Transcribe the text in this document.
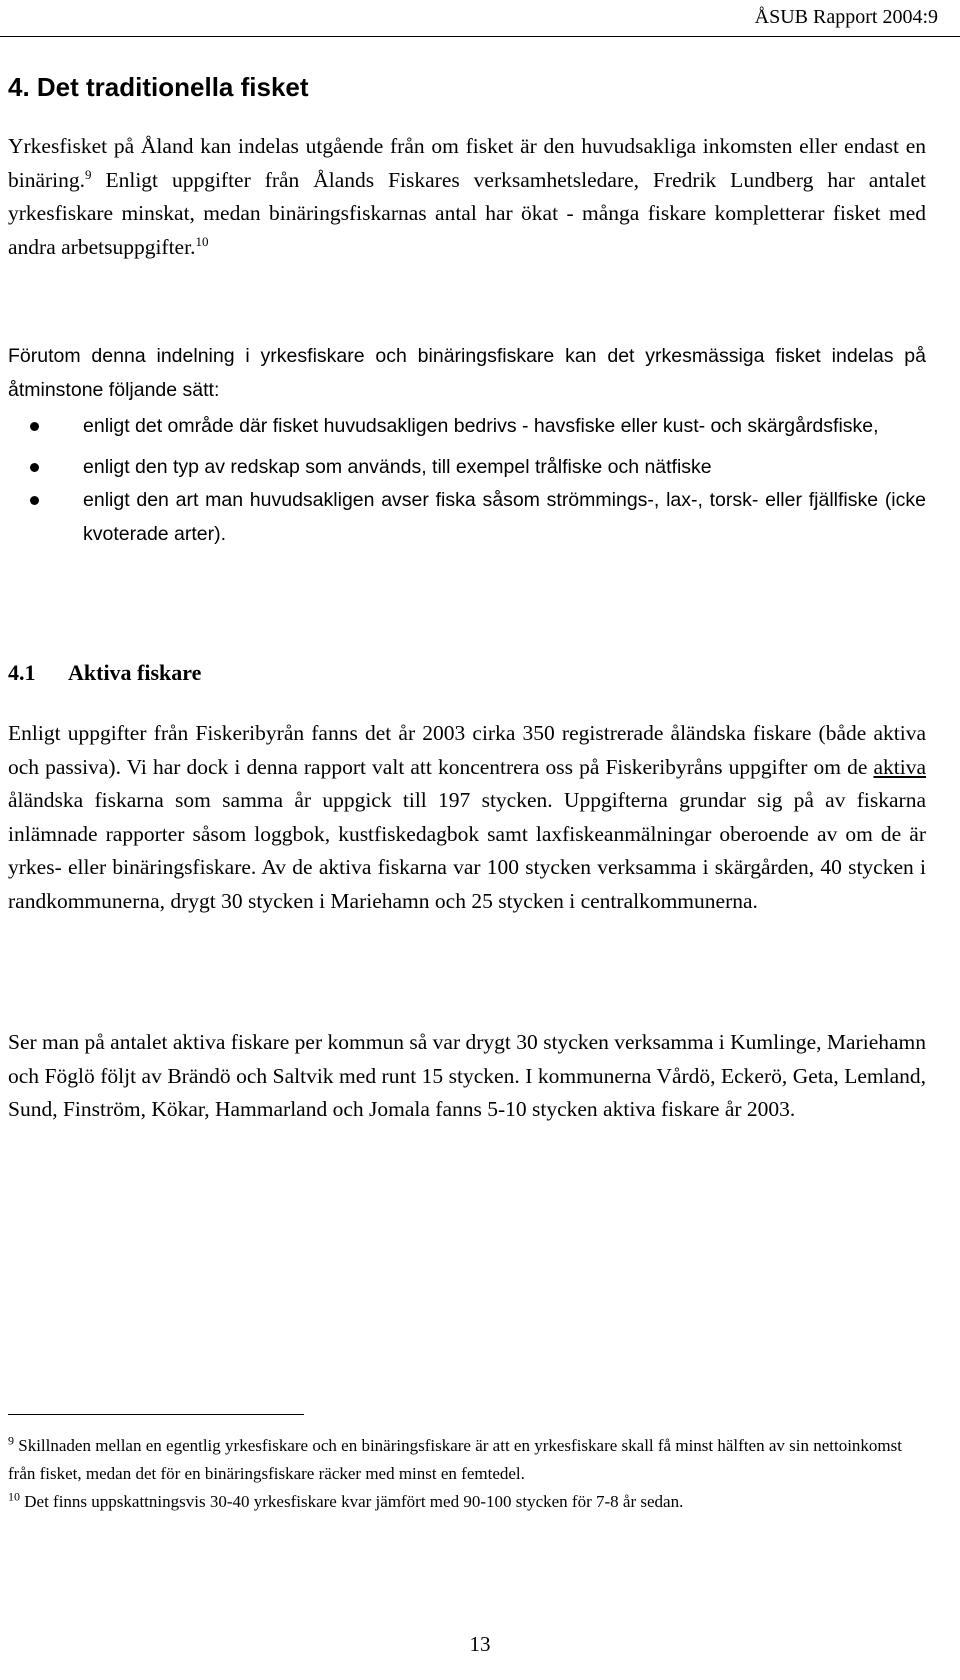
ÅSUB Rapport 2004:9
4. Det traditionella fisket

Yrkesfisket på Åland kan indelas utgående från om fisket är den huvudsakliga inkomsten eller endast en binäring.$^9$ Enligt uppgifter från Ålands Fiskares verksamhetsledare, Fredrik Lundberg har antalet yrkesfiskare minskat, medan binäringsfiskarnas antal har ökat - många fiskare kompletterar fisket med andra arbetsuppgifter.$^{10}$

Förutom denna indelning i yrkesfiskare och binäringsfiskare kan det yrkesmässiga fisket indelas på åtminstone följande sätt:

enligt det område där fisket huvudsakligen bedrivs - havsfiske eller kust- och skärgårdsfiske,
enligt den typ av redskap som används, till exempel trålfiske och nätfiske
enligt den art man huvudsakligen avser fiska såsom strömmings-, lax-, torsk- eller fjällfiske (icke kvoterade arter).
4.1 Aktiva fiskare

Enligt uppgifter från Fiskeribyrån fanns det år 2003 cirka 350 registrerade åländska fiskare (både aktiva och passiva). Vi har dock i denna rapport valt att koncentrera oss på Fiskeribyråns uppgifter om de aktiva åländska fiskarna som samma år uppgick till 197 stycken. Uppgifterna grundar sig på av fiskarna inlämnade rapporter såsom loggbok, kustfiskedagbok samt laxfiskeanmälningar oberoende av om de är yrkes- eller binäringsfiskare. Av de aktiva fiskarna var 100 stycken verksamma i skärgården, 40 stycken i randkommunerna, drygt 30 stycken i Mariehamn och 25 stycken i centralkommunerna.

Ser man på antalet aktiva fiskare per kommun så var drygt 30 stycken verksamma i Kumlinge, Mariehamn och Föglö följt av Brändö och Saltvik med runt 15 stycken. I kommunerna Vårdö, Eckerö, Geta, Lemland, Sund, Finström, Kökar, Hammarland och Jomala fanns 5-10 stycken aktiva fiskare år 2003.

$^9$ Skillnaden mellan en egentlig yrkesfiskare och en binäringsfiskare är att en yrkesfiskare skall få minst hälften av sin nettoinkomst från fisket, medan det för en binäringsfiskare räcker med minst en femtedel.

$^{10}$ Det finns uppskattningsvis 30-40 yrkesfiskare kvar jämfört med 90-100 stycken för 7-8 år sedan.

13
